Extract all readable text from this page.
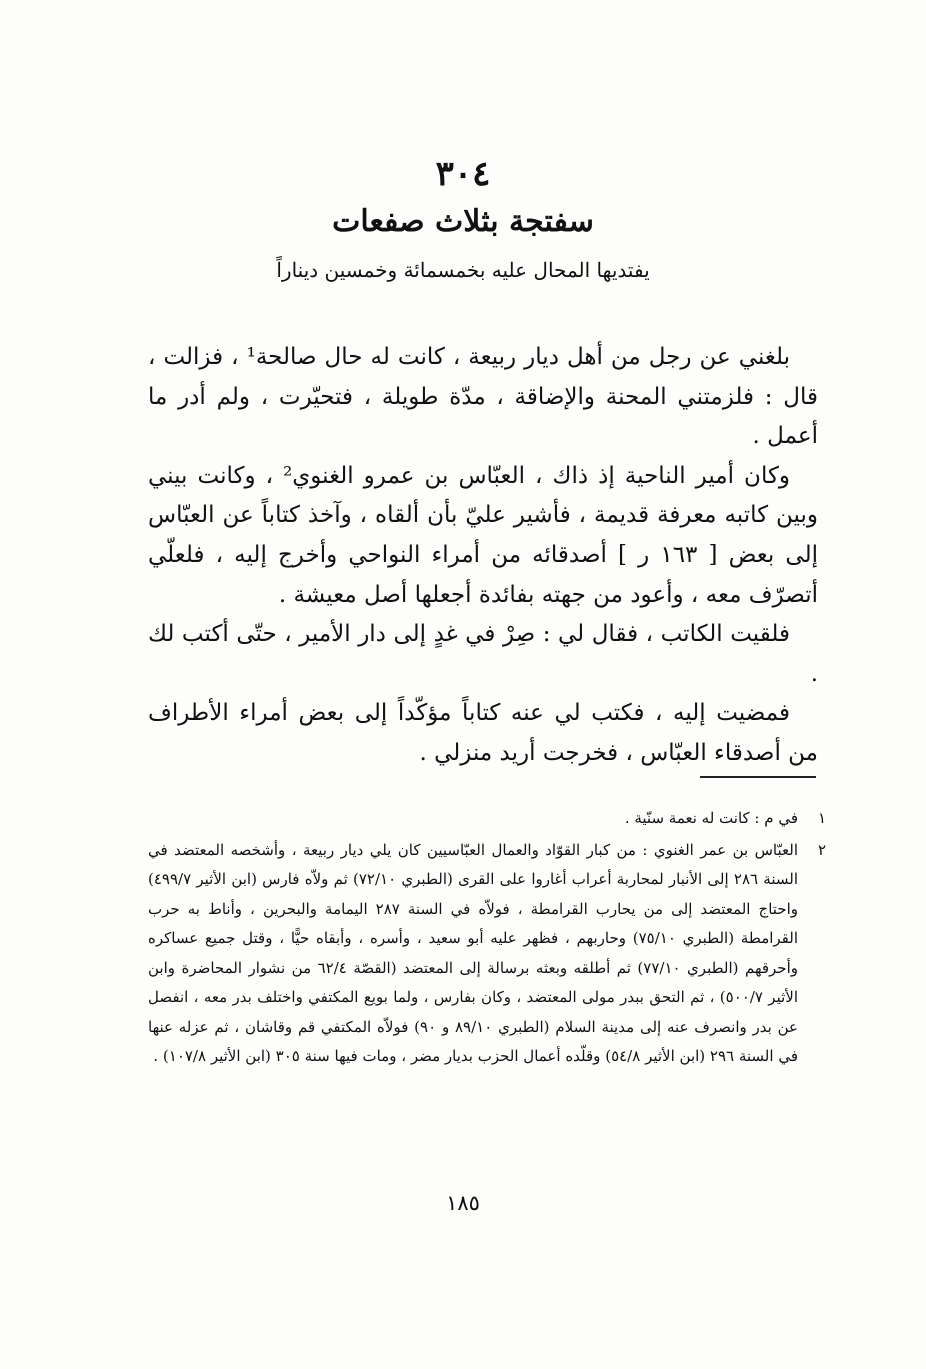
٣٠٤
سفتجة بثلاث صفعات
يفتديها المحال عليه بخمسمائة وخمسين ديناراً

بلغني عن رجل من أهل ديار ربيعة ، كانت له حال صالحة¹ ، فزالت ، قال : فلزمتني المحنة والإضاقة ، مدّة طويلة ، فتحيّرت ، ولم أدر ما أعمل .

وكان أمير الناحية إذ ذاك ، العبّاس بن عمرو الغنوي² ، وكانت بيني وبين كاتبه معرفة قديمة ، فأشير عليّ بأن ألقاه ، وآخذ كتاباً عن العبّاس إلى بعض [ ١٦٣ ر ] أصدقائه من أمراء النواحي وأخرج إليه ، فلعلّي أتصرّف معه ، وأعود من جهته بفائدة أجعلها أصل معيشة .

فلقيت الكاتب ، فقال لي : صِرْ في غدٍ إلى دار الأمير ، حتّى أكتب لك .

فمضيت إليه ، فكتب لي عنه كتاباً مؤكّداً إلى بعض أمراء الأطراف من أصدقاء العبّاس ، فخرجت أريد منزلي .

١
في م : كانت له نعمة سنّية .
٢
العبّاس بن عمر الغنوي : من كبار القوّاد والعمال العبّاسيين كان يلي ديار ربيعة ، وأشخصه المعتضد في السنة ٢٨٦ إلى الأنبار لمحاربة أعراب أغاروا على القرى (الطبري ٧٢/١٠) ثم ولاّه فارس (ابن الأثير ٤٩٩/٧) واحتاج المعتضد إلى من يحارب القرامطة ، فولاّه في السنة ٢٨٧ اليمامة والبحرين ، وأناط به حرب القرامطة (الطبري ٧٥/١٠) وحاربهم ، فظهر عليه أبو سعيد ، وأسره ، وأبقاه حيًّا ، وقتل جميع عساكره وأحرقهم (الطبري ٧٧/١٠) ثم أطلقه وبعثه برسالة إلى المعتضد (القصّة ٦٢/٤ من نشوار المحاضرة وابن الأثير ٥٠٠/٧) ، ثم التحق ببدر مولى المعتضد ، وكان بفارس ، ولما بويع المكتفي واختلف بدر معه ، انفصل عن بدر وانصرف عنه إلى مدينة السلام (الطبري ٨٩/١٠ و ٩٠) فولاّه المكتفي قم وقاشان ، ثم عزله عنها في السنة ٢٩٦ (ابن الأثير ٥٤/٨) وقلّده أعمال الحزب بديار مضر ، ومات فيها سنة ٣٠٥ (ابن الأثير ١٠٧/٨) .
١٨٥
